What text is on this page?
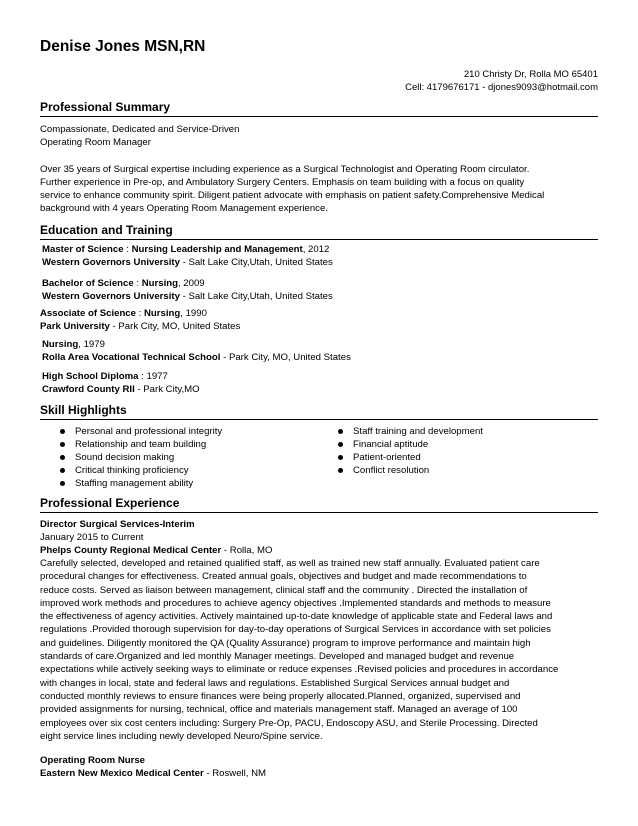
Denise Jones MSN,RN
210 Christy Dr, Rolla MO 65401
Cell: 4179676171 - djones9093@hotmail.com
Professional Summary
Compassionate, Dedicated and Service-Driven
Operating Room Manager
Over 35 years of Surgical expertise including experience as a Surgical Technologist and Operating Room circulator.
Further experience in Pre-op, and Ambulatory Surgery Centers. Emphasis on team building with a focus on quality
service to enhance community spirit. Diligent patient advocate with emphasis on patient safety.Comprehensive Medical
background with 4 years Operating Room Management experience.
Education and Training
Master of Science : Nursing Leadership and Management, 2012
Western Governors University - Salt Lake City,Utah, United States
Bachelor of Science : Nursing, 2009
Western Governors University - Salt Lake City,Utah, United States
Associate of Science : Nursing, 1990
Park University - Park City, MO, United States
Nursing, 1979
Rolla Area Vocational Technical School - Park City, MO, United States
High School Diploma : 1977
Crawford County RII - Park City,MO
Skill Highlights
Personal and professional integrity
Relationship and team building
Sound decision making
Critical thinking proficiency
Staffing management ability
Staff training and development
Financial aptitude
Patient-oriented
Conflict resolution
Professional Experience
Director Surgical Services-Interim
January 2015 to Current
Phelps County Regional Medical Center - Rolla, MO
Carefully selected, developed and retained qualified staff, as well as trained new staff annually. Evaluated patient care
procedural changes for effectiveness. Created annual goals, objectives and budget and made recommendations to
reduce costs. Served as liaison between management, clinical staff and the community . Directed the installation of
improved work methods and procedures to achieve agency objectives .Implemented standards and methods to measure
the effectiveness of agency activities. Actively maintained up-to-date knowledge of applicable state and Federal laws and
regulations .Provided thorough supervision for day-to-day operations of Surgical Services in accordance with set policies
and guidelines. Diligently monitored the QA (Quality Assurance) program to improve performance and maintain high
standards of care.Organized and led monthly Manager meetings. Developed and managed budget and revenue
expectations while actively seeking ways to eliminate or reduce expenses .Revised policies and procedures in accordance
with changes in local, state and federal laws and regulations. Established Surgical Services annual budget and
conducted monthly reviews to ensure finances were being properly allocated.Planned, organized, supervised and
provided assignments for nursing, technical, office and materials management staff. Managed an average of 100
employees over six cost centers including: Surgery Pre-Op, PACU, Endoscopy ASU, and Sterile Processing. Directed
eight service lines including newly developed Neuro/Spine service.
Operating Room Nurse
Eastern New Mexico Medical Center - Roswell, NM
